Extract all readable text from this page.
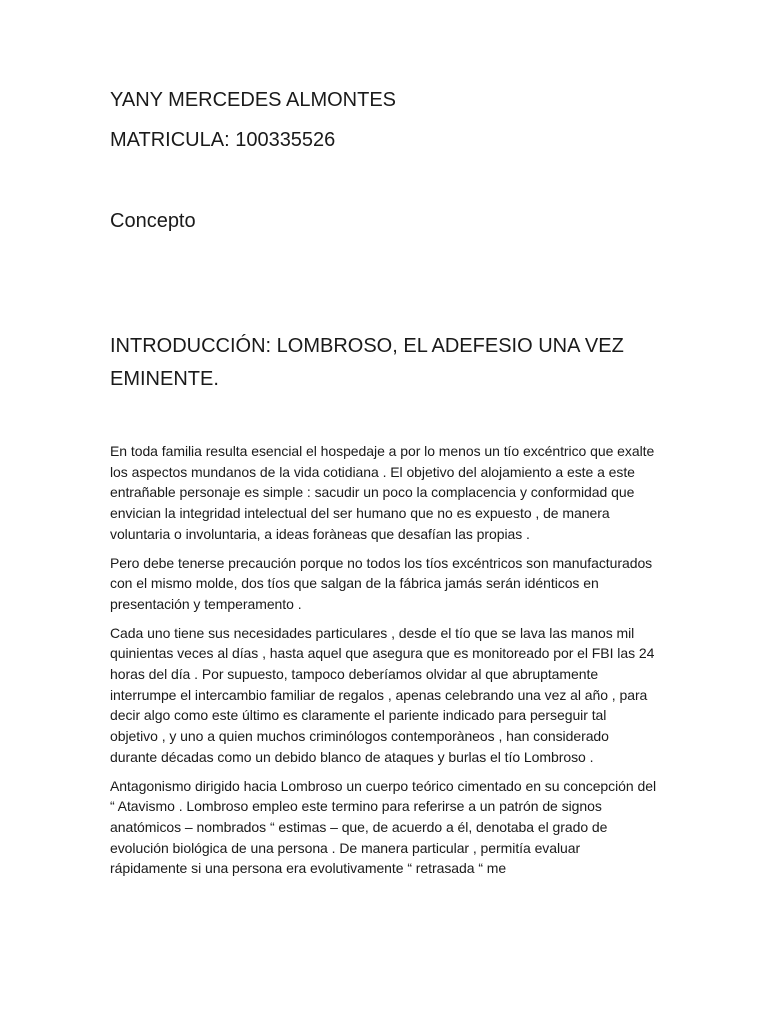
YANY MERCEDES ALMONTES
MATRICULA: 100335526
Concepto
INTRODUCCIÓN: LOMBROSO, EL ADEFESIO UNA VEZ EMINENTE.

En toda familia resulta esencial el hospedaje a por lo menos un tío excéntrico que exalte los aspectos mundanos de la vida cotidiana . El objetivo del alojamiento a este a este entrañable personaje es simple : sacudir un poco la complacencia y conformidad que envician la integridad intelectual del ser humano que no es expuesto , de manera voluntaria o involuntaria, a ideas foràneas que desafían las propias .

Pero debe tenerse precaución porque no todos los tíos excéntricos son manufacturados con el mismo molde, dos tíos que salgan de la fábrica jamás serán idénticos en presentación y temperamento .

Cada uno tiene sus necesidades particulares , desde el tío que se lava las manos mil quinientas veces al días , hasta aquel que asegura que es monitoreado por el FBI las 24 horas del día . Por supuesto, tampoco deberíamos olvidar al que abruptamente interrumpe el intercambio familiar de regalos , apenas celebrando una vez al año , para decir algo como este último es claramente el pariente indicado para perseguir tal objetivo , y uno a quien muchos criminólogos contemporàneos , han considerado durante décadas como un debido blanco de ataques y burlas el tío Lombroso .

Antagonismo dirigido hacia Lombroso un cuerpo teórico cimentado en su concepción del “ Atavismo . Lombroso empleo este termino para referirse a un patrón de signos anatómicos – nombrados “ estimas – que, de acuerdo a él, denotaba el grado de evolución biológica de una persona . De manera particular , permitía evaluar rápidamente si una persona era evolutivamente “ retrasada “ me
